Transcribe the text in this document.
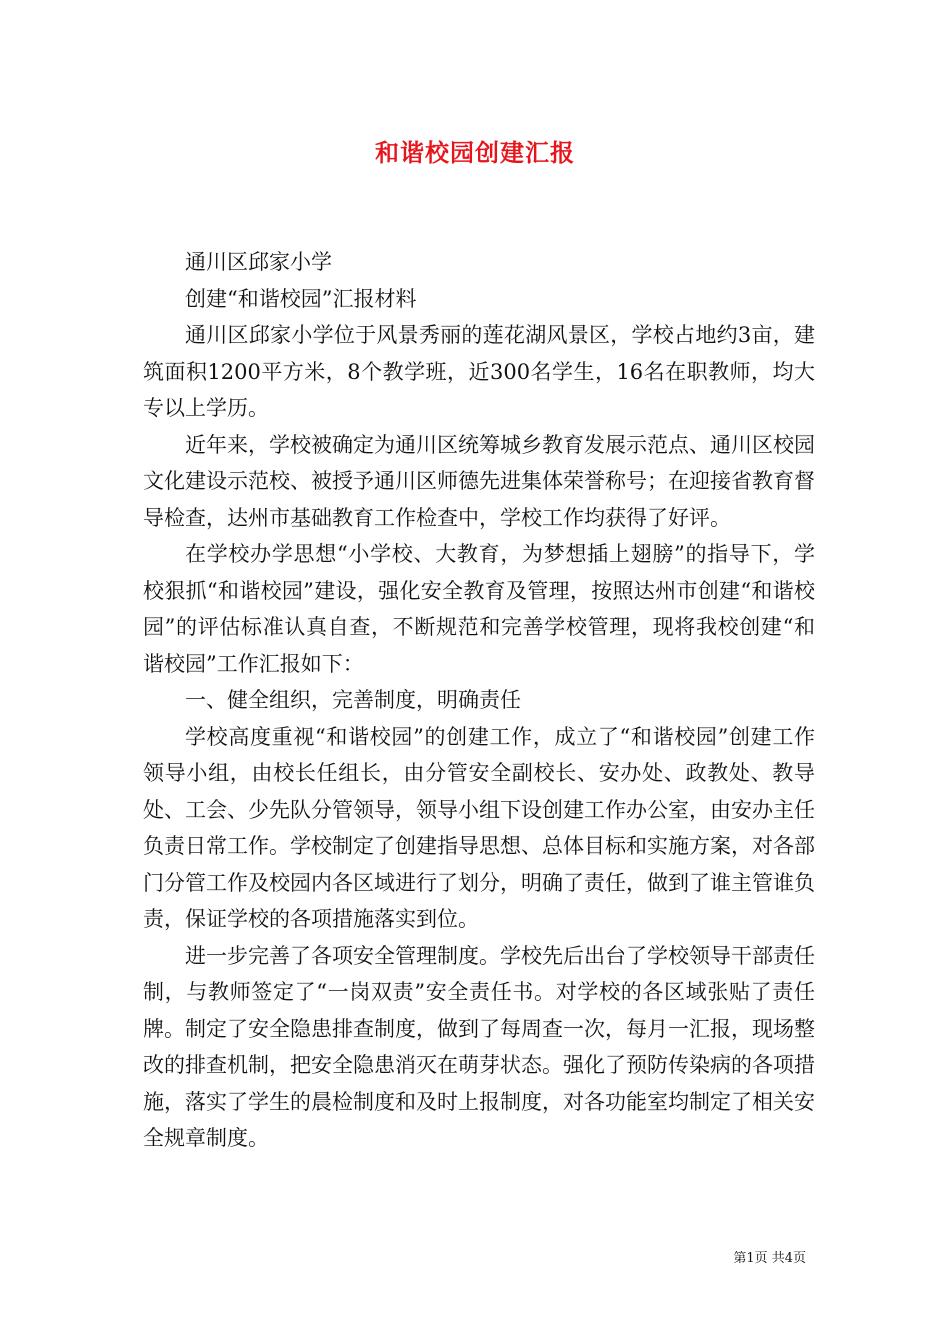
和谐校园创建汇报

通川区邱家小学

创建“和谐校园”汇报材料

通川区邱家小学位于风景秀丽的莲花湖风景区，学校占地约3亩，建筑面积1200平方米，8个教学班，近300名学生，16名在职教师，均大专以上学历。

近年来，学校被确定为通川区统筹城乡教育发展示范点、通川区校园文化建设示范校、被授予通川区师德先进集体荣誉称号；在迎接省教育督导检查，达州市基础教育工作检查中，学校工作均获得了好评。

在学校办学思想“小学校、大教育，为梦想插上翅膀”的指导下，学校狠抓“和谐校园”建设，强化安全教育及管理，按照达州市创建“和谐校园”的评估标准认真自查，不断规范和完善学校管理，现将我校创建“和谐校园”工作汇报如下：

一、健全组织，完善制度，明确责任

学校高度重视“和谐校园”的创建工作，成立了“和谐校园”创建工作领导小组，由校长任组长，由分管安全副校长、安办处、政教处、教导处、工会、少先队分管领导，领导小组下设创建工作办公室，由安办主任负责日常工作。学校制定了创建指导思想、总体目标和实施方案，对各部门分管工作及校园内各区域进行了划分，明确了责任，做到了谁主管谁负责，保证学校的各项措施落实到位。

进一步完善了各项安全管理制度。学校先后出台了学校领导干部责任制，与教师签定了“一岗双责”安全责任书。对学校的各区域张贴了责任牌。制定了安全隐患排查制度，做到了每周查一次，每月一汇报，现场整改的排查机制，把安全隐患消灭在萌芽状态。强化了预防传染病的各项措施，落实了学生的晨检制度和及时上报制度，对各功能室均制定了相关安全规章制度。

第1页 共4页
